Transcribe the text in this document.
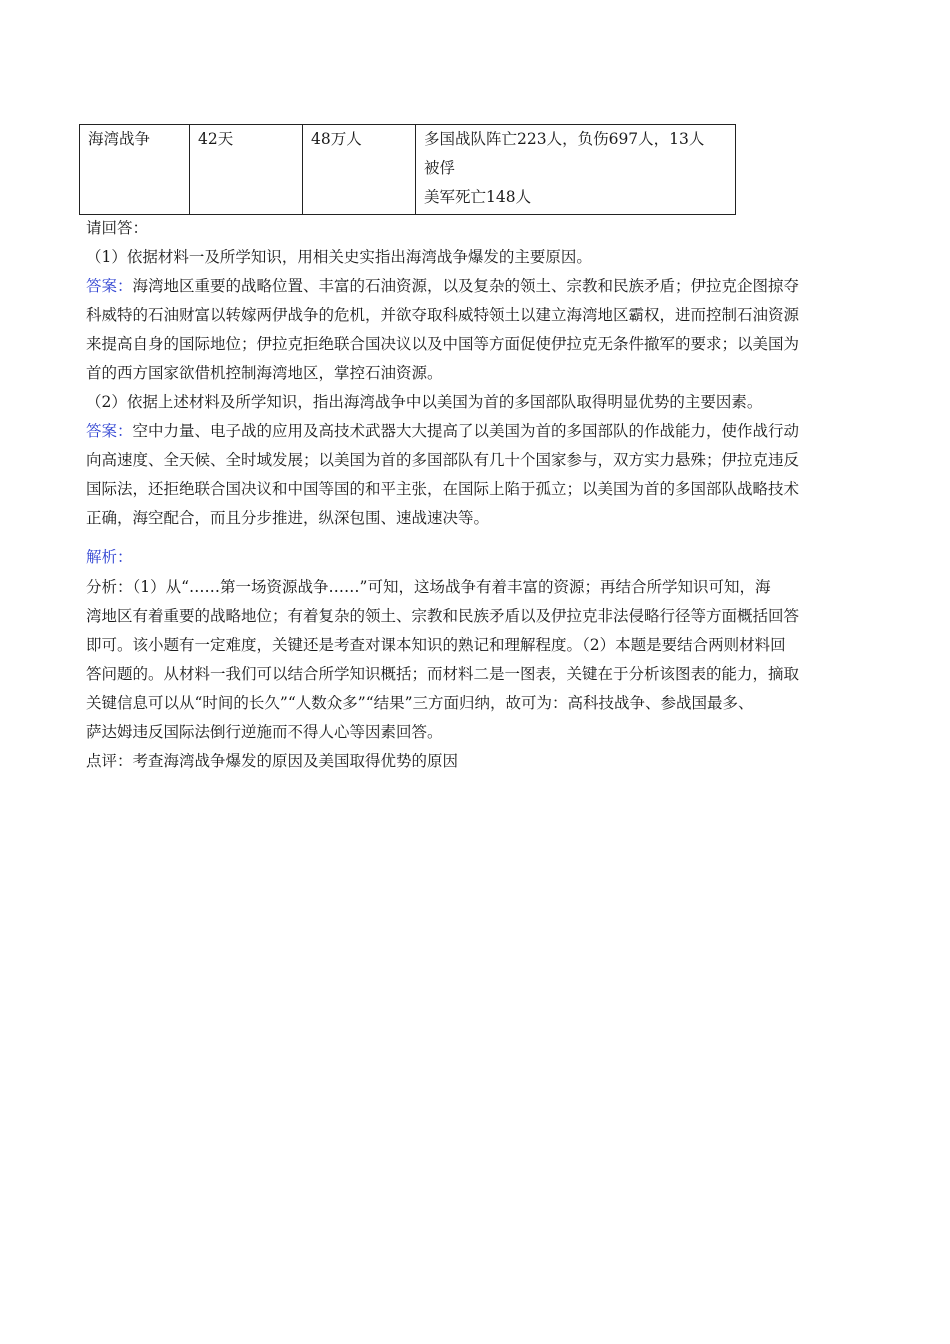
海湾战争	42天	48万人	多国战队阵亡223人，负伤697人，13人
被俘
美军死亡148人
请回答：
（1）依据材料一及所学知识，用相关史实指出海湾战争爆发的主要原因。
答案：海湾地区重要的战略位置、丰富的石油资源，以及复杂的领土、宗教和民族矛盾；伊拉克企图掠夺
科威特的石油财富以转嫁两伊战争的危机，并欲夺取科威特领土以建立海湾地区霸权，进而控制石油资源
来提高自身的国际地位；伊拉克拒绝联合国决议以及中国等方面促使伊拉克无条件撤军的要求；以美国为
首的西方国家欲借机控制海湾地区，掌控石油资源。
（2）依据上述材料及所学知识，指出海湾战争中以美国为首的多国部队取得明显优势的主要因素。
答案：空中力量、电子战的应用及高技术武器大大提高了以美国为首的多国部队的作战能力，使作战行动
向高速度、全天候、全时域发展；以美国为首的多国部队有几十个国家参与，双方实力悬殊；伊拉克违反
国际法，还拒绝联合国决议和中国等国的和平主张，在国际上陷于孤立；以美国为首的多国部队战略技术
正确，海空配合，而且分步推进，纵深包围、速战速决等。
解析：
分析：（1）从“……第一场资源战争……”可知，这场战争有着丰富的资源；再结合所学知识可知，海
湾地区有着重要的战略地位；有着复杂的领土、宗教和民族矛盾以及伊拉克非法侵略行径等方面概括回答
即可。该小题有一定难度，关键还是考查对课本知识的熟记和理解程度。（2）本题是要结合两则材料回
答问题的。从材料一我们可以结合所学知识概括；而材料二是一图表，关键在于分析该图表的能力，摘取
关键信息可以从“时间的长久”“人数众多”“结果”三方面归纳，故可为：高科技战争、参战国最多、
萨达姆违反国际法倒行逆施而不得人心等因素回答。
点评：考查海湾战争爆发的原因及美国取得优势的原因
